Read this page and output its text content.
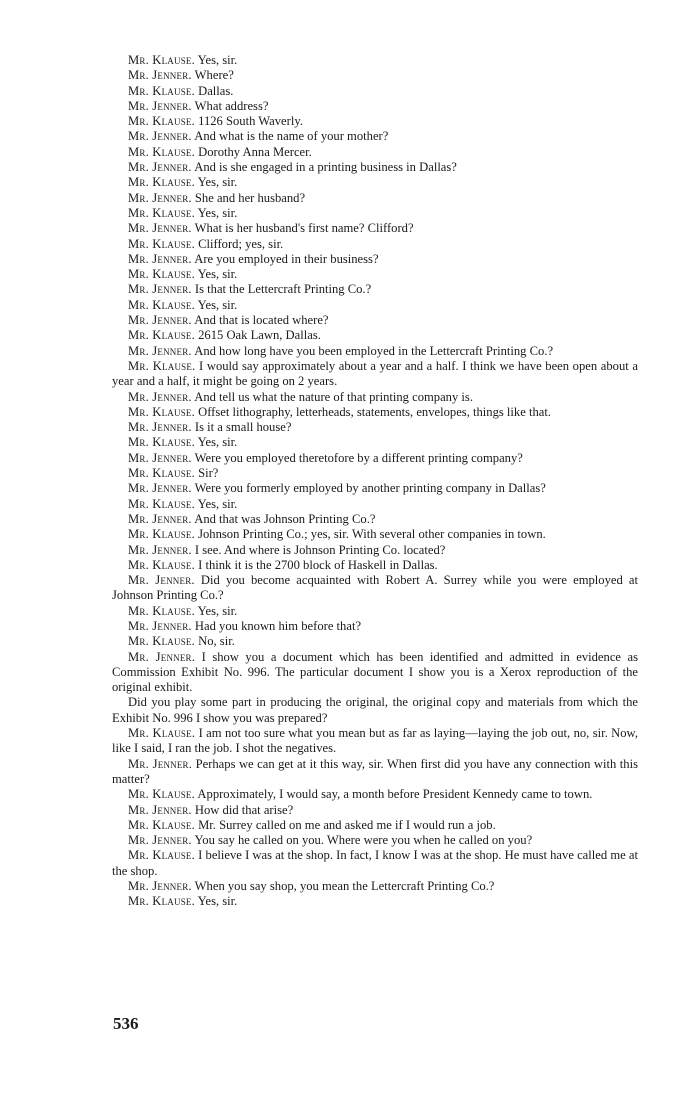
Mr. Klause. Yes, sir.

Mr. Jenner. Where?

Mr. Klause. Dallas.

Mr. Jenner. What address?

Mr. Klause. 1126 South Waverly.

Mr. Jenner. And what is the name of your mother?

Mr. Klause. Dorothy Anna Mercer.

Mr. Jenner. And is she engaged in a printing business in Dallas?

Mr. Klause. Yes, sir.

Mr. Jenner. She and her husband?

Mr. Klause. Yes, sir.

Mr. Jenner. What is her husband's first name? Clifford?

Mr. Klause. Clifford; yes, sir.

Mr. Jenner. Are you employed in their business?

Mr. Klause. Yes, sir.

Mr. Jenner. Is that the Lettercraft Printing Co.?

Mr. Klause. Yes, sir.

Mr. Jenner. And that is located where?

Mr. Klause. 2615 Oak Lawn, Dallas.

Mr. Jenner. And how long have you been employed in the Lettercraft Printing Co.?

Mr. Klause. I would say approximately about a year and a half. I think we have been open about a year and a half, it might be going on 2 years.

Mr. Jenner. And tell us what the nature of that printing company is.

Mr. Klause. Offset lithography, letterheads, statements, envelopes, things like that.

Mr. Jenner. Is it a small house?

Mr. Klause. Yes, sir.

Mr. Jenner. Were you employed theretofore by a different printing company?

Mr. Klause. Sir?

Mr. Jenner. Were you formerly employed by another printing company in Dallas?

Mr. Klause. Yes, sir.

Mr. Jenner. And that was Johnson Printing Co.?

Mr. Klause. Johnson Printing Co.; yes, sir. With several other companies in town.

Mr. Jenner. I see. And where is Johnson Printing Co. located?

Mr. Klause. I think it is the 2700 block of Haskell in Dallas.

Mr. Jenner. Did you become acquainted with Robert A. Surrey while you were employed at Johnson Printing Co.?

Mr. Klause. Yes, sir.

Mr. Jenner. Had you known him before that?

Mr. Klause. No, sir.

Mr. Jenner. I show you a document which has been identified and admitted in evidence as Commission Exhibit No. 996. The particular document I show you is a Xerox reproduction of the original exhibit.

Did you play some part in producing the original, the original copy and materials from which the Exhibit No. 996 I show you was prepared?

Mr. Klause. I am not too sure what you mean but as far as laying—laying the job out, no, sir. Now, like I said, I ran the job. I shot the negatives.

Mr. Jenner. Perhaps we can get at it this way, sir. When first did you have any connection with this matter?

Mr. Klause. Approximately, I would say, a month before President Kennedy came to town.

Mr. Jenner. How did that arise?

Mr. Klause. Mr. Surrey called on me and asked me if I would run a job.

Mr. Jenner. You say he called on you. Where were you when he called on you?

Mr. Klause. I believe I was at the shop. In fact, I know I was at the shop. He must have called me at the shop.

Mr. Jenner. When you say shop, you mean the Lettercraft Printing Co.?

Mr. Klause. Yes, sir.

536
